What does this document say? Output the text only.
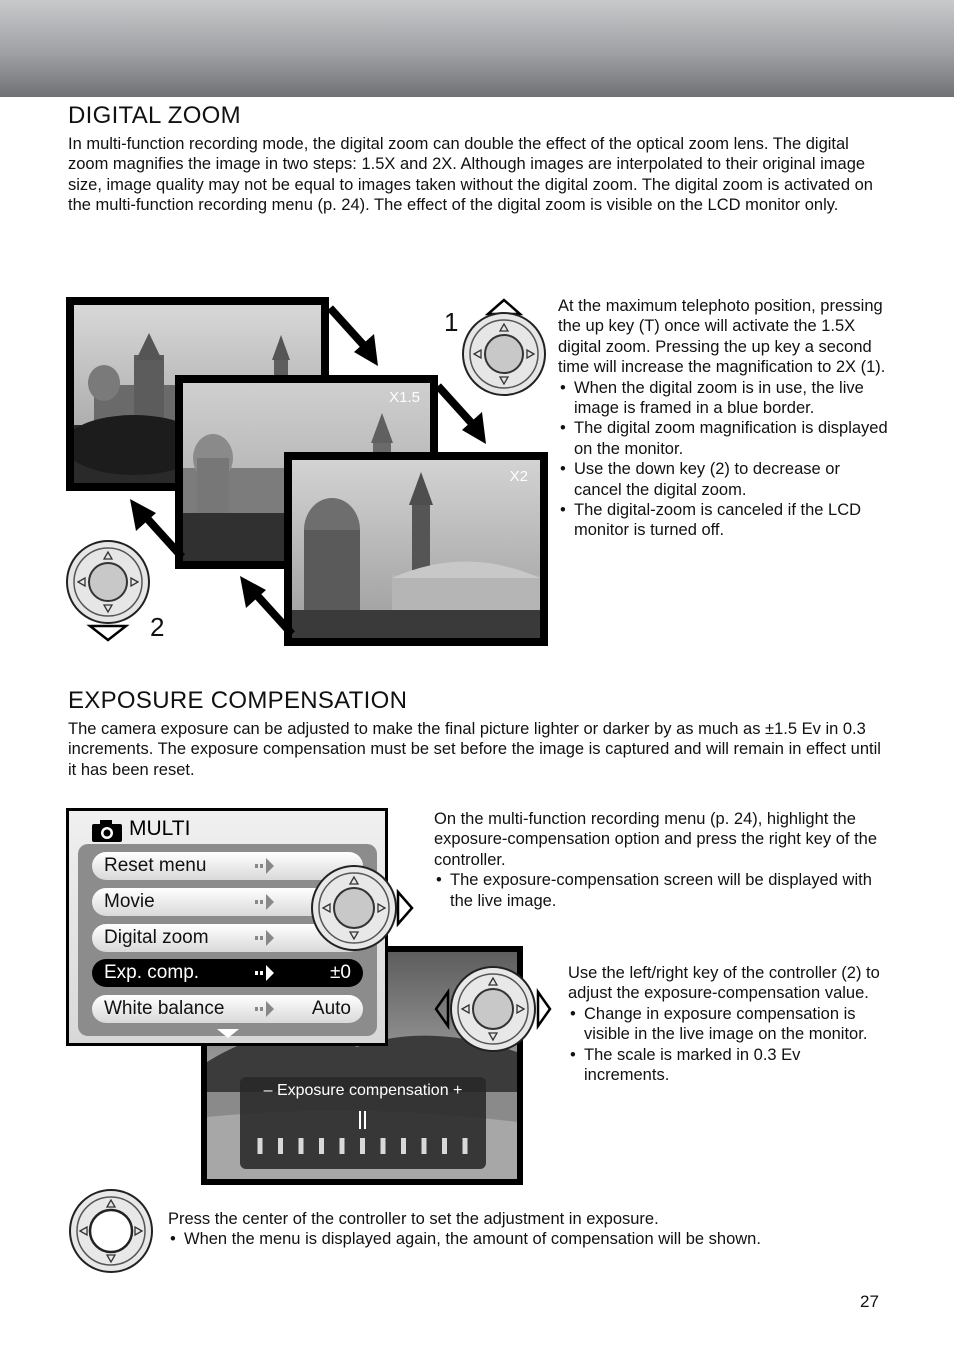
DIGITAL ZOOM

In multi-function recording mode, the digital zoom can double the effect of the optical zoom lens. The digital zoom magnifies the image in two steps: 1.5X and 2X. Although images are interpolated to their original image size, image quality may not be equal to images taken without the digital zoom. The digital zoom is activated on the multi-function recording menu (p. 24). The effect of the digital zoom is visible on the LCD monitor only.

X1.5
X2
1
2
At the maximum telephoto position, pressing the up key (T) once will activate the 1.5X digital zoom. Pressing the up key a second time will increase the magnification to 2X (1).
• When the digital zoom is in use, the live image is framed in a blue border.
• The digital zoom magnification is displayed on the monitor.
• Use the down key (2) to decrease or cancel the digital zoom.
• The digital-zoom is canceled if the LCD monitor is turned off.
EXPOSURE COMPENSATION

The camera exposure can be adjusted to make the final picture lighter or darker by as much as ±1.5 Ev in 0.3 increments. The exposure compensation must be set before the image is captured and will remain in effect until it has been reset.

– Exposure compensation +
MULTI
Reset menu
Movie
Digital zoom
Exp. comp.	±0
White balance	Auto
On the multi-function recording menu (p. 24), highlight the exposure-compensation option and press the right key of the controller.
• The exposure-compensation screen will be displayed with the live image.
Use the left/right key of the controller (2) to adjust the exposure-compensation value.
• Change in exposure compensation is visible in the live image on the monitor.
• The scale is marked in 0.3 Ev increments.
Press the center of the controller to set the adjustment in exposure.
• When the menu is displayed again, the amount of compensation will be shown.
27
